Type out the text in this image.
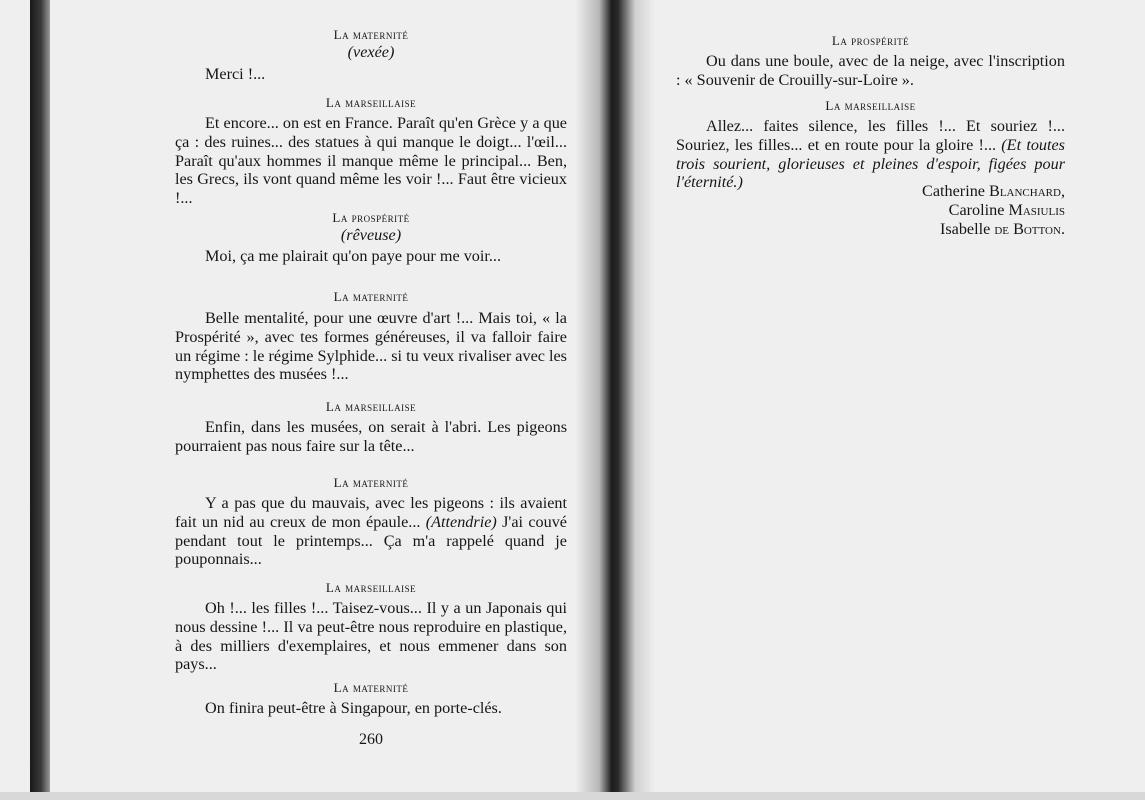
La maternité

(vexée)

Merci !...

La marseillaise

Et encore... on est en France. Paraît qu'en Grèce y a que ça : des ruines... des statues à qui manque le doigt... l'œil... Paraît qu'aux hommes il manque même le principal... Ben, les Grecs, ils vont quand même les voir !... Faut être vicieux !...

La prospérité

(rêveuse)

Moi, ça me plairait qu'on paye pour me voir...

La maternité

Belle mentalité, pour une œuvre d'art !... Mais toi, « la Prospérité », avec tes formes généreuses, il va falloir faire un régime : le régime Sylphide... si tu veux rivaliser avec les nymphettes des musées !...

La marseillaise

Enfin, dans les musées, on serait à l'abri. Les pigeons pourraient pas nous faire sur la tête...

La maternité

Y a pas que du mauvais, avec les pigeons : ils avaient fait un nid au creux de mon épaule... (Attendrie) J'ai couvé pendant tout le printemps... Ça m'a rappelé quand je pouponnais...

La marseillaise

Oh !... les filles !... Taisez-vous... Il y a un Japonais qui nous dessine !... Il va peut-être nous reproduire en plastique, à des milliers d'exemplaires, et nous emmener dans son pays...

La maternité

On finira peut-être à Singapour, en porte-clés.

260

La prospérité

Ou dans une boule, avec de la neige, avec l'inscription : « Souvenir de Crouilly-sur-Loire ».

La marseillaise

Allez... faites silence, les filles !... Et souriez !... Souriez, les filles... et en route pour la gloire !... (Et toutes trois sourient, glorieuses et pleines d'espoir, figées pour l'éternité.)	Catherine Blanchard,

Caroline Masiulis

Isabelle de Botton.
